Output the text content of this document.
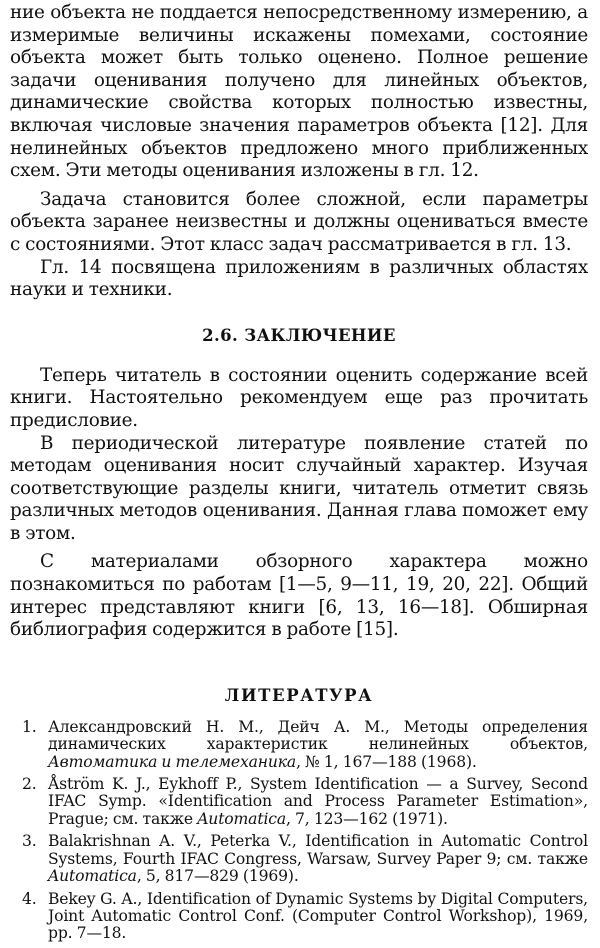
ние объекта не поддается непосредственному измерению, а измеримые величины искажены помехами, состояние объекта может быть только оценено. Полное решение задачи оценивания получено для линейных объектов, динамические свойства которых полностью известны, включая числовые значения параметров объекта [12]. Для нелинейных объектов предложено много приближенных схем. Эти методы оценивания изложены в гл. 12.

Задача становится более сложной, если параметры объекта заранее неизвестны и должны оцениваться вместе с состояниями. Этот класс задач рассматривается в гл. 13.

Гл. 14 посвящена приложениям в различных областях науки и техники.

2.6. ЗАКЛЮЧЕНИЕ

Теперь читатель в состоянии оценить содержание всей книги. Настоятельно рекомендуем еще раз прочитать предисловие.

В периодической литературе появление статей по методам оценивания носит случайный характер. Изучая соответствующие разделы книги, читатель отметит связь различных методов оценивания. Данная глава поможет ему в этом.

С материалами обзорного характера можно познакомиться по работам [1—5, 9—11, 19, 20, 22]. Общий интерес представляют книги [6, 13, 16—18]. Обширная библиография содержится в работе [15].

ЛИТЕРАТУРА
1. Александровский Н. М., Дейч А. М., Методы определения динамических характеристик нелинейных объектов, Автоматика и телемеханика, № 1, 167—188 (1968).
2. Åström K. J., Eykhoff P., System Identification — a Survey, Second IFAC Symp. «Identification and Process Parameter Estimation», Prague; см. также Automatica, 7, 123—162 (1971).
3. Balakrishnan A. V., Peterka V., Identification in Automatic Control Systems, Fourth IFAC Congress, Warsaw, Survey Paper 9; см. также Automatica, 5, 817—829 (1969).
4. Bekey G. A., Identification of Dynamic Systems by Digital Computers, Joint Automatic Control Conf. (Computer Control Workshop), 1969, pp. 7—18.
